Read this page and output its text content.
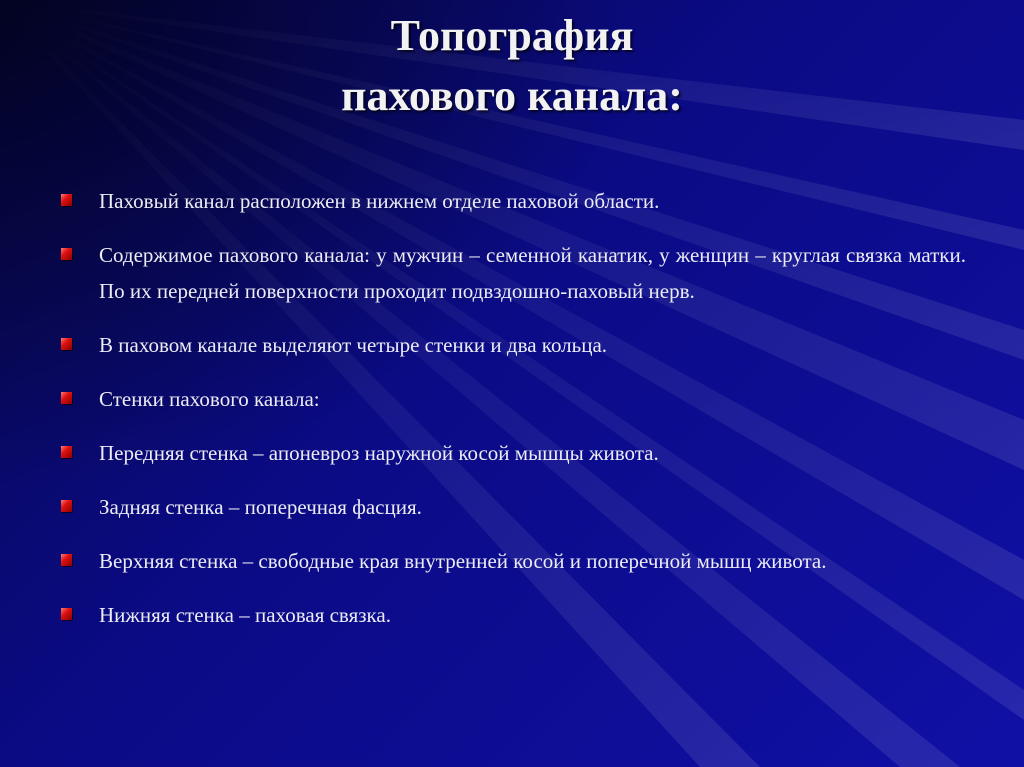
Топография
пахового канала:
Паховый канал расположен в нижнем отделе паховой области.
Содержимое пахового канала: у мужчин – семенной канатик, у женщин – круглая связка матки. По их передней поверхности проходит подвздошно-паховый нерв.
В паховом канале выделяют четыре стенки и два кольца.
Стенки пахового канала:
Передняя стенка – апоневроз наружной косой мышцы живота.
Задняя стенка – поперечная фасция.
Верхняя стенка – свободные края внутренней косой и поперечной мышц живота.
Нижняя стенка – паховая связка.
